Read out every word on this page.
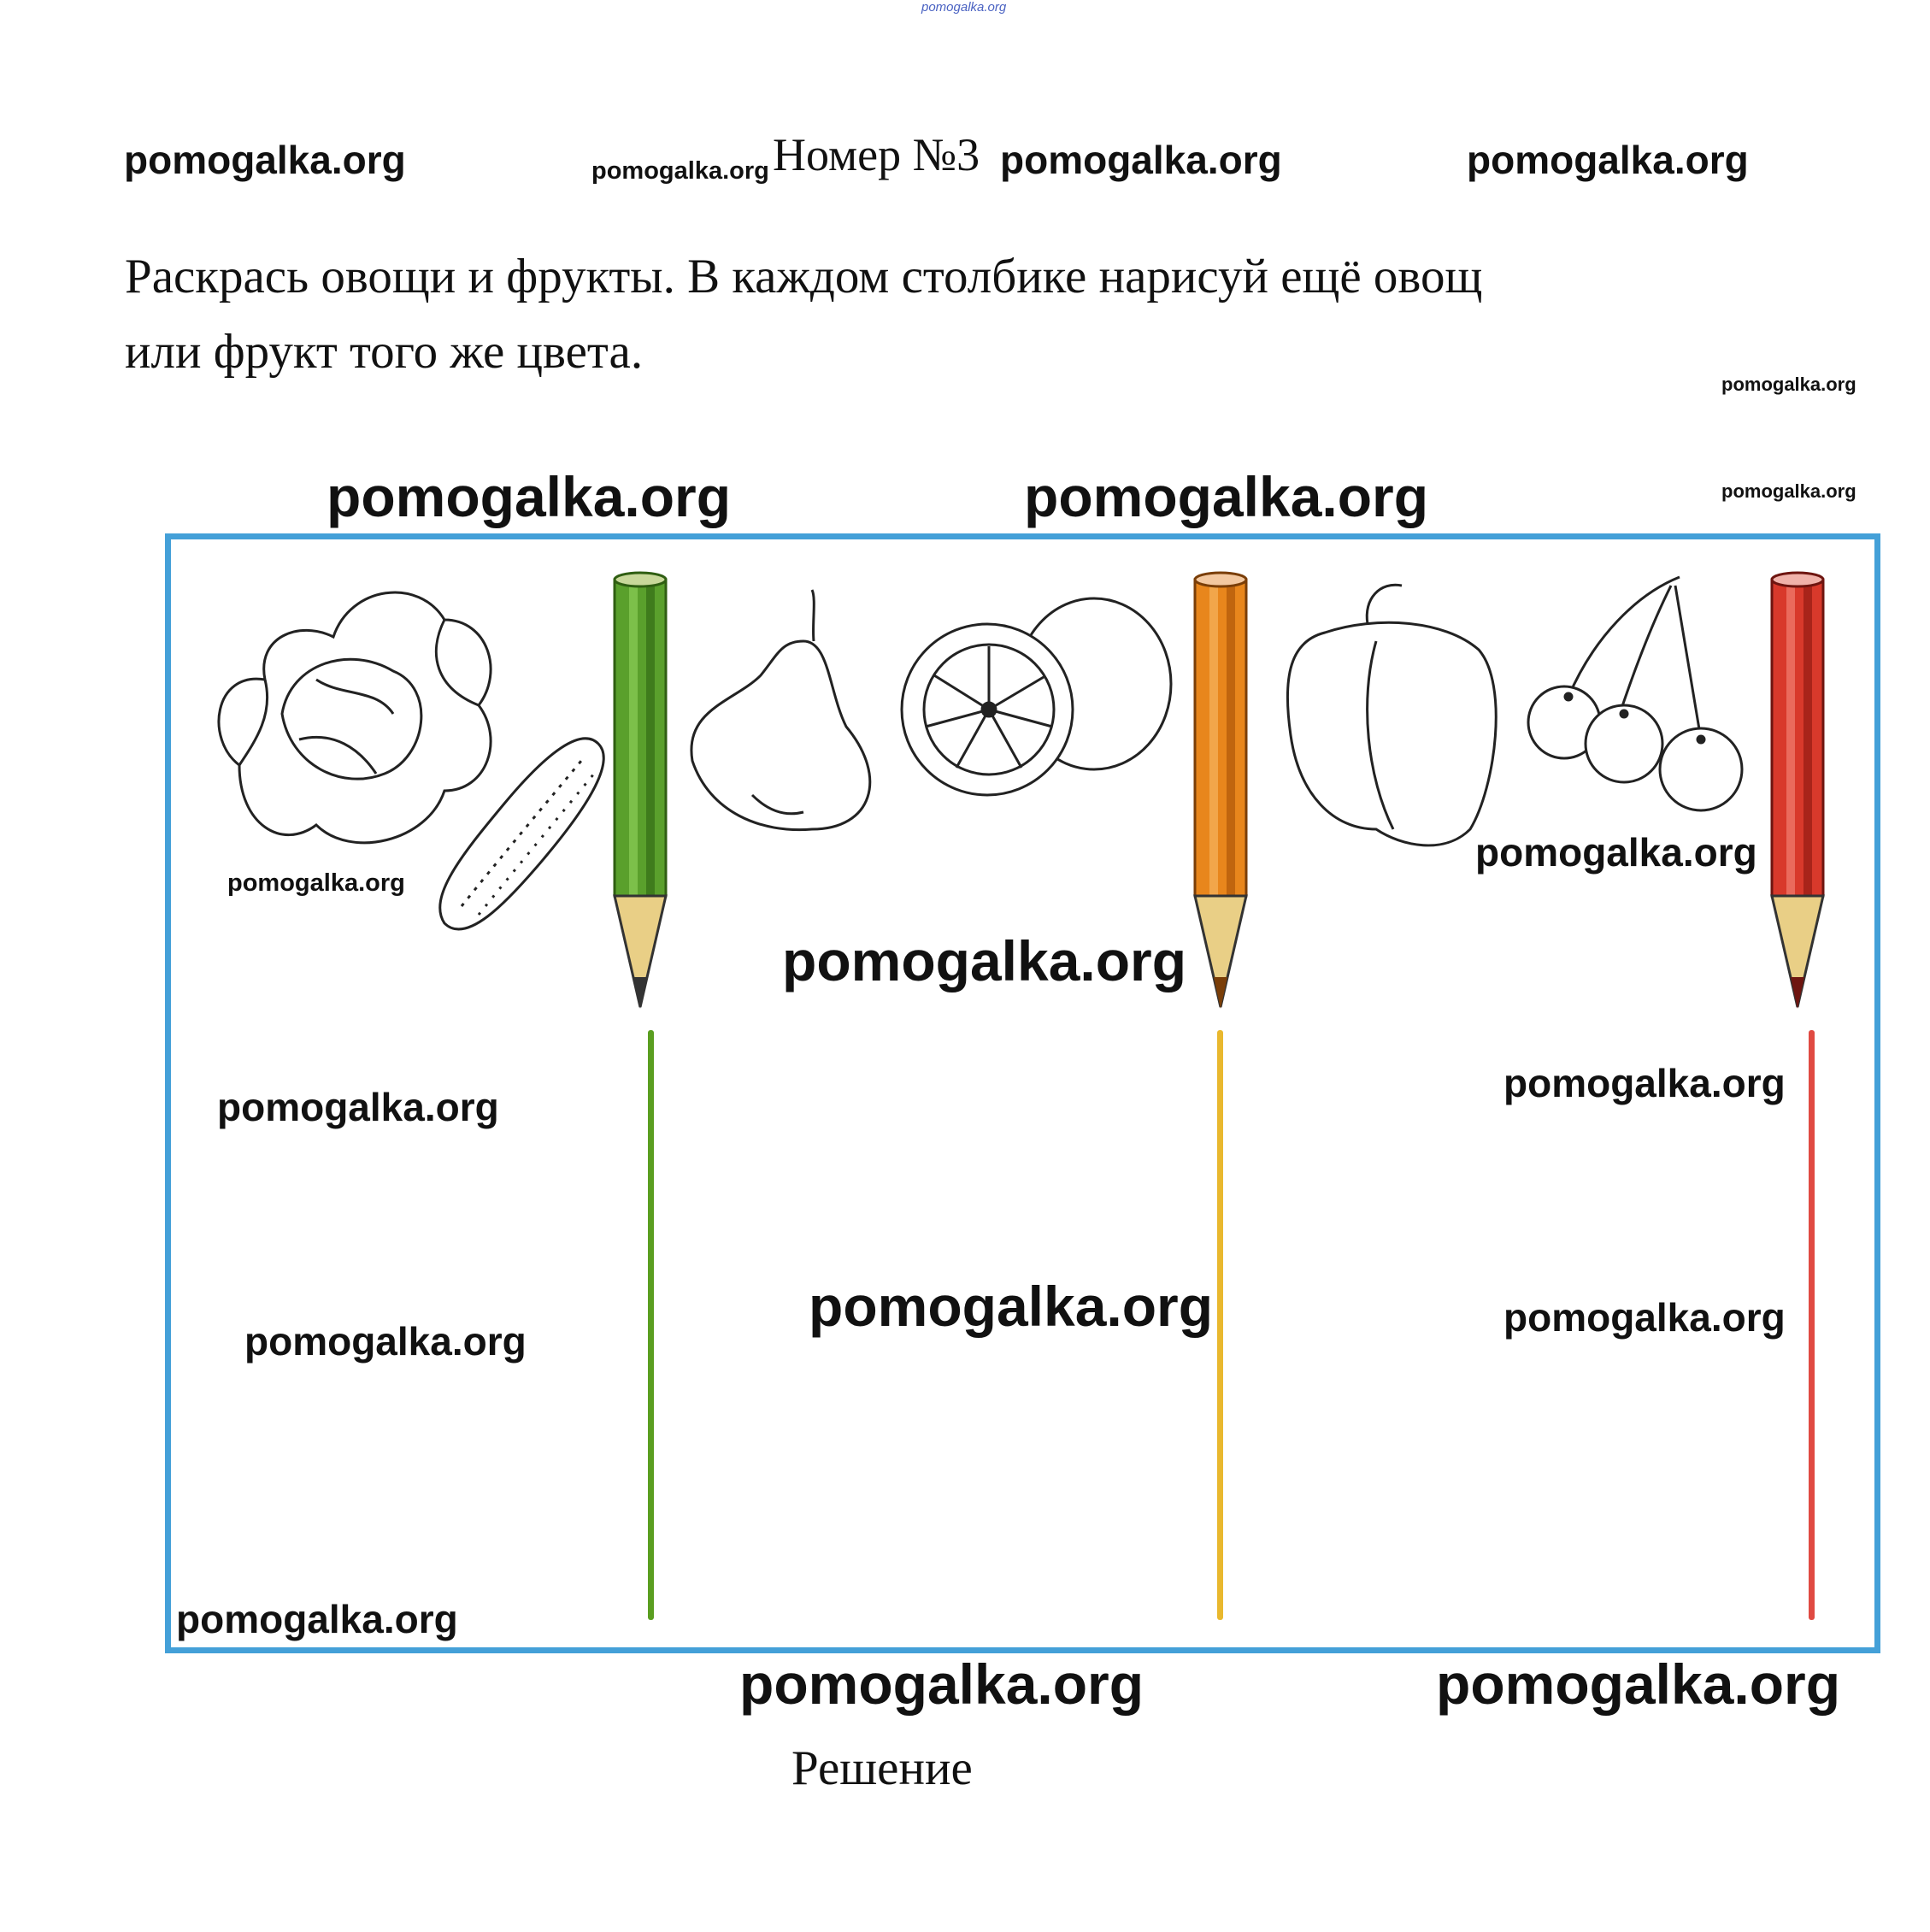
pomogalka.org
pomogalka.org	pomogalka.org Номер №3 pomogalka.org	pomogalka.org
Раскрась овощи и фрукты. В каждом столбике нарисуй ещё овощ
или фрукт того же цвета.
pomogalka.org
pomogalka.org
pomogalka.org	pomogalka.org
pomogalka.org
pomogalka.org
pomogalka.org
pomogalka.org
pomogalka.org
pomogalka.org
pomogalka.org
pomogalka.org
pomogalka.org
pomogalka.org	pomogalka.org
Решение
